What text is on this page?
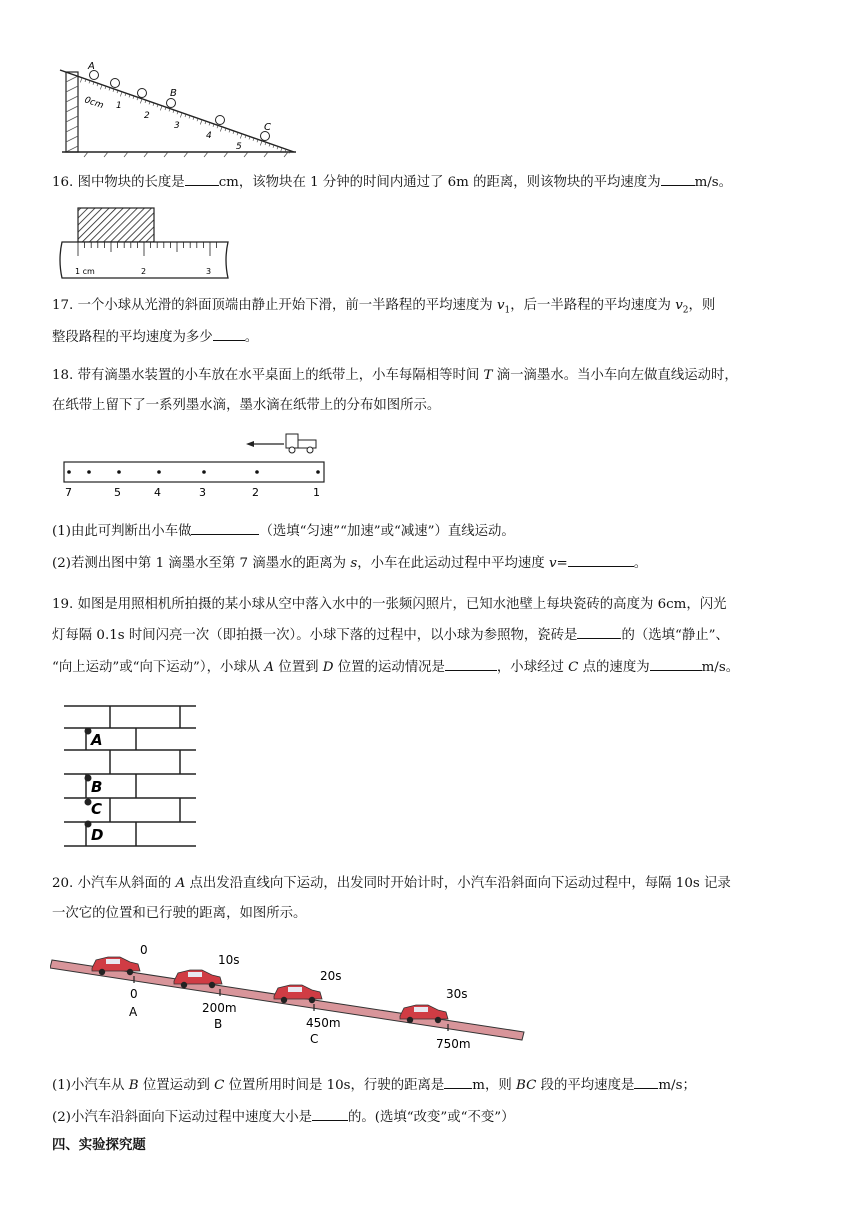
A
B
C
0cm 1
2
3
4
5
16. 图中物块的长度是	cm，该物块在 1 分钟的时间内通过了 6m 的距离，则该物块的平均速度为	m/s。
1 cm	2	3
17. 一个小球从光滑的斜面顶端由静止开始下滑，前一半路程的平均速度为 $v_1$，后一半路程的平均速度为 $v_2$，则
整段路程的平均速度为多少 。
18. 带有滴墨水装置的小车放在水平桌面上的纸带上，小车每隔相等时间 T 滴一滴墨水。当小车向左做直线运动时，
在纸带上留下了一系列墨水滴，墨水滴在纸带上的分布如图所示。
7	5	4	3	2	1
(1)由此可判断出小车做	（选填“匀速”“加速”或“减速”）直线运动。
(2)若测出图中第 1 滴墨水至第 7 滴墨水的距离为 s，小车在此运动过程中平均速度 v=	。
19. 如图是用照相机所拍摄的某小球从空中落入水中的一张频闪照片，已知水池壁上每块瓷砖的高度为 6cm，闪光
灯每隔 0.1s 时间闪亮一次（即拍摄一次）。小球下落的过程中，以小球为参照物，瓷砖是	的（选填“静止”、
“向上运动”或“向下运动”），小球从 A 位置到 D 位置的运动情况是	，小球经过 C 点的速度为	m/s。
A
B
C
D
20. 小汽车从斜面的 A 点出发沿直线向下运动，出发同时开始计时，小汽车沿斜面向下运动过程中，每隔 10s 记录
一次它的位置和已行驶的距离，如图所示。
0
10s
20s
30s
0
200m
450m
750m
A
B
C
(1)小汽车从 B 位置运动到 C 位置所用时间是 10s，行驶的距离是 m，则 BC 段的平均速度是 m/s；
(2)小汽车沿斜面向下运动过程中速度大小是	的。(选填“改变”或“不变”）
四、实验探究题
